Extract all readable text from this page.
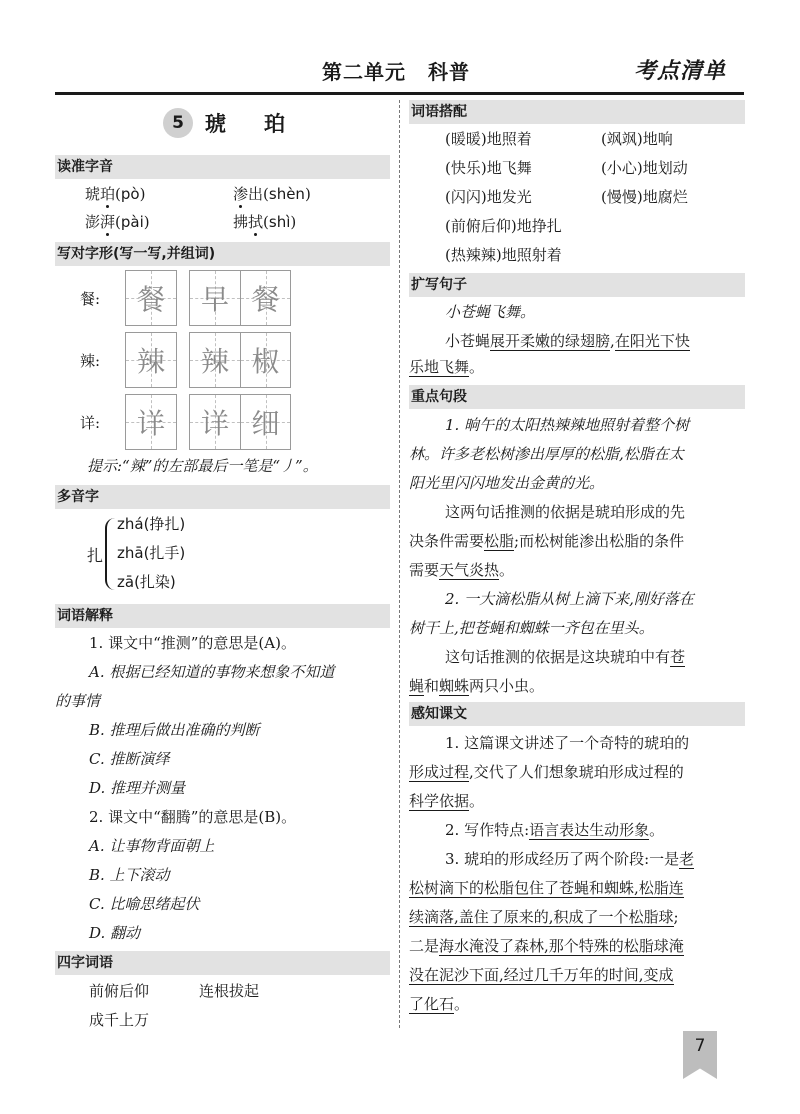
第二单元 科普	考点清单
5	琥珀
读准字音
琥珀(pò)	渗出(shèn)
澎湃(pài)	拂拭(shì)
写对字形(写一写,并组词)
餐:	餐 早 餐
辣:	辣 辣 椒
详:	详 详 细
提示:“辣”的左部最后一笔是“丿”。
多音字
扎
zhá(挣扎)
zhā(扎手)
zā(扎染)
词语解释
1. 课文中“推测”的意思是(A)。
A. 根据已经知道的事物来想象不知道
的事情
B. 推理后做出准确的判断
C. 推断演绎
D. 推理并测量
2. 课文中“翻腾”的意思是(B)。
A. 让事物背面朝上
B. 上下滚动
C. 比喻思绪起伏
D. 翻动
四字词语
前俯后仰	连根拔起
成千上万
词语搭配
(暖暖)地照着	(飒飒)地响
(快乐)地飞舞	(小心)地划动
(闪闪)地发光	(慢慢)地腐烂
(前俯后仰)地挣扎
(热辣辣)地照射着
扩写句子
小苍蝇飞舞。
小苍蝇展开柔嫩的绿翅膀,在阳光下快
乐地飞舞。
重点句段
1. 晌午的太阳热辣辣地照射着整个树
林。许多老松树渗出厚厚的松脂,松脂在太
阳光里闪闪地发出金黄的光。
这两句话推测的依据是琥珀形成的先
决条件需要松脂;而松树能渗出松脂的条件
需要天气炎热。
2. 一大滴松脂从树上滴下来,刚好落在
树干上,把苍蝇和蜘蛛一齐包在里头。
这句话推测的依据是这块琥珀中有苍
蝇和蜘蛛两只小虫。
感知课文
1. 这篇课文讲述了一个奇特的琥珀的
形成过程,交代了人们想象琥珀形成过程的
科学依据。
2. 写作特点:语言表达生动形象。
3. 琥珀的形成经历了两个阶段:一是老
松树滴下的松脂包住了苍蝇和蜘蛛,松脂连
续滴落,盖住了原来的,积成了一个松脂球;
二是海水淹没了森林,那个特殊的松脂球淹
没在泥沙下面,经过几千万年的时间,变成
了化石。
7
